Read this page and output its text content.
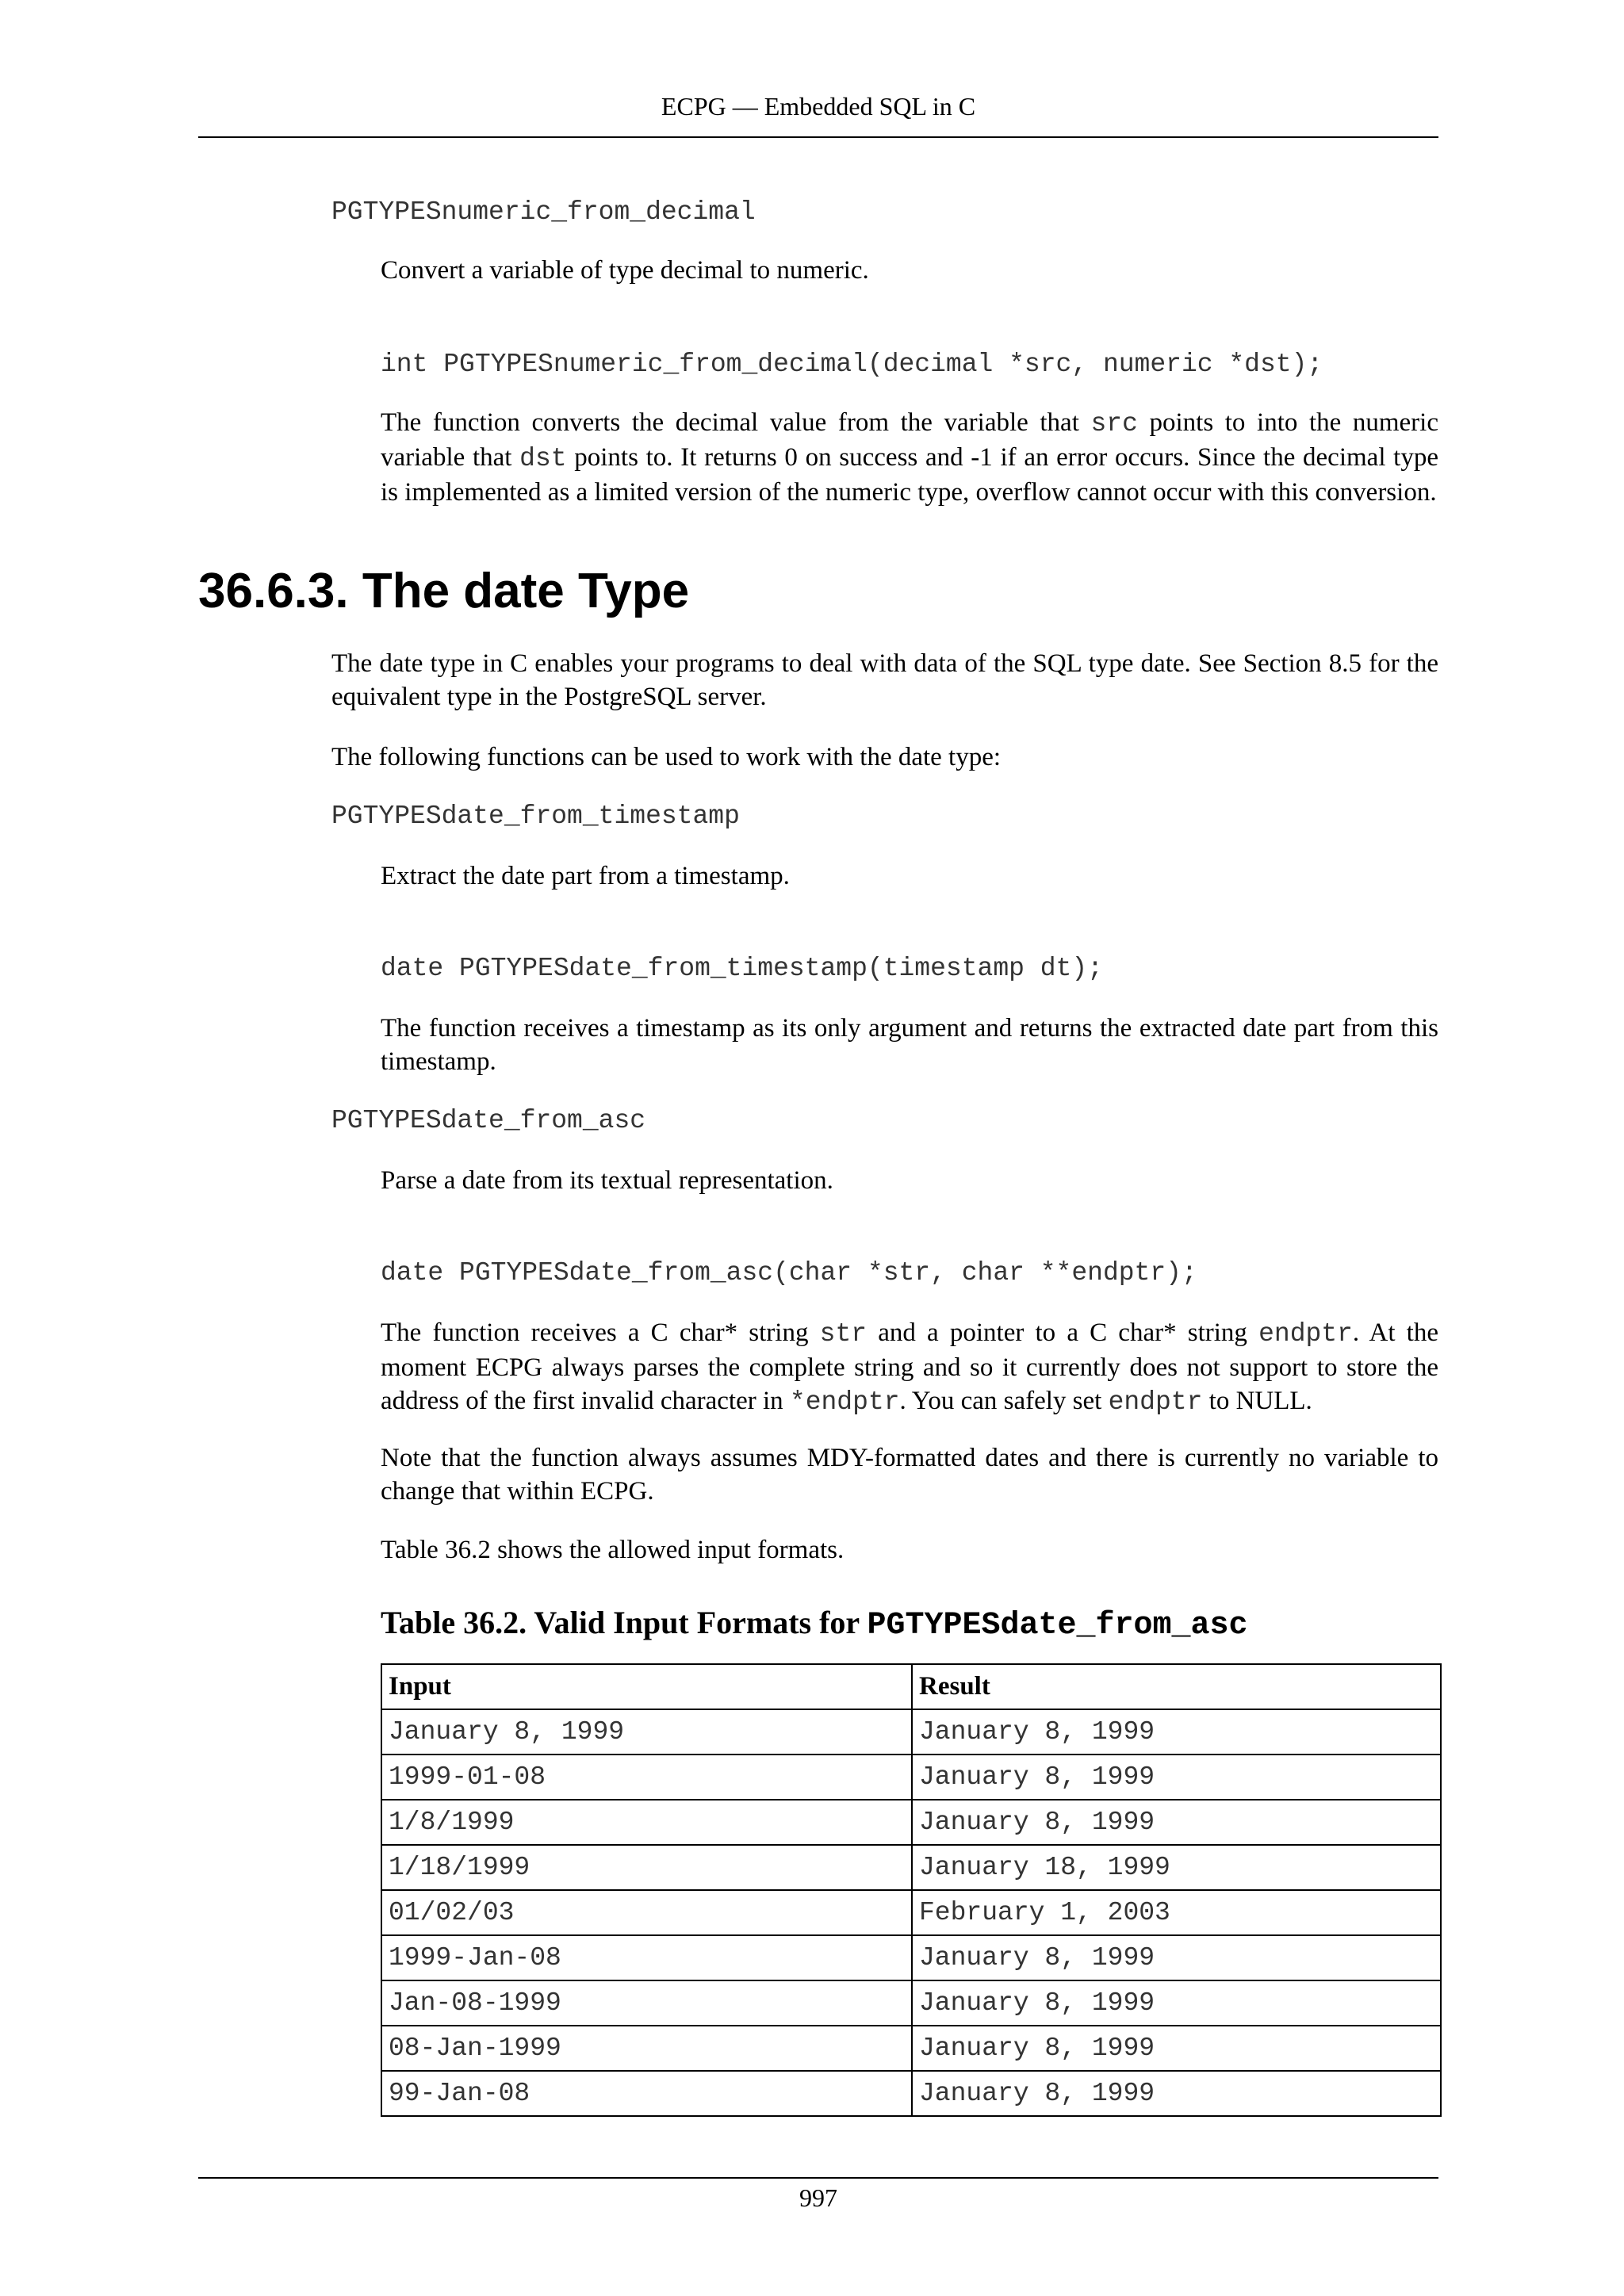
ECPG — Embedded SQL in C
PGTYPESnumeric_from_decimal

Convert a variable of type decimal to numeric.

int PGTYPESnumeric_from_decimal(decimal *src, numeric *dst);

The function converts the decimal value from the variable that src points to into the numeric variable that dst points to. It returns 0 on success and -1 if an error occurs. Since the decimal type is implemented as a limited version of the numeric type, overflow cannot occur with this conversion.

36.6.3. The date Type

The date type in C enables your programs to deal with data of the SQL type date. See Section 8.5 for the equivalent type in the PostgreSQL server.

The following functions can be used to work with the date type:

PGTYPESdate_from_timestamp

Extract the date part from a timestamp.

date PGTYPESdate_from_timestamp(timestamp dt);

The function receives a timestamp as its only argument and returns the extracted date part from this timestamp.

PGTYPESdate_from_asc

Parse a date from its textual representation.

date PGTYPESdate_from_asc(char *str, char **endptr);

The function receives a C char* string str and a pointer to a C char* string endptr. At the moment ECPG always parses the complete string and so it currently does not support to store the address of the first invalid character in *endptr. You can safely set endptr to NULL.

Note that the function always assumes MDY-formatted dates and there is currently no variable to change that within ECPG.

Table 36.2 shows the allowed input formats.

Table 36.2. Valid Input Formats for PGTYPESdate_from_asc
Input	Result
January 8, 1999	January 8, 1999
1999-01-08	January 8, 1999
1/8/1999	January 8, 1999
1/18/1999	January 18, 1999
01/02/03	February 1, 2003
1999-Jan-08	January 8, 1999
Jan-08-1999	January 8, 1999
08-Jan-1999	January 8, 1999
99-Jan-08	January 8, 1999
997
